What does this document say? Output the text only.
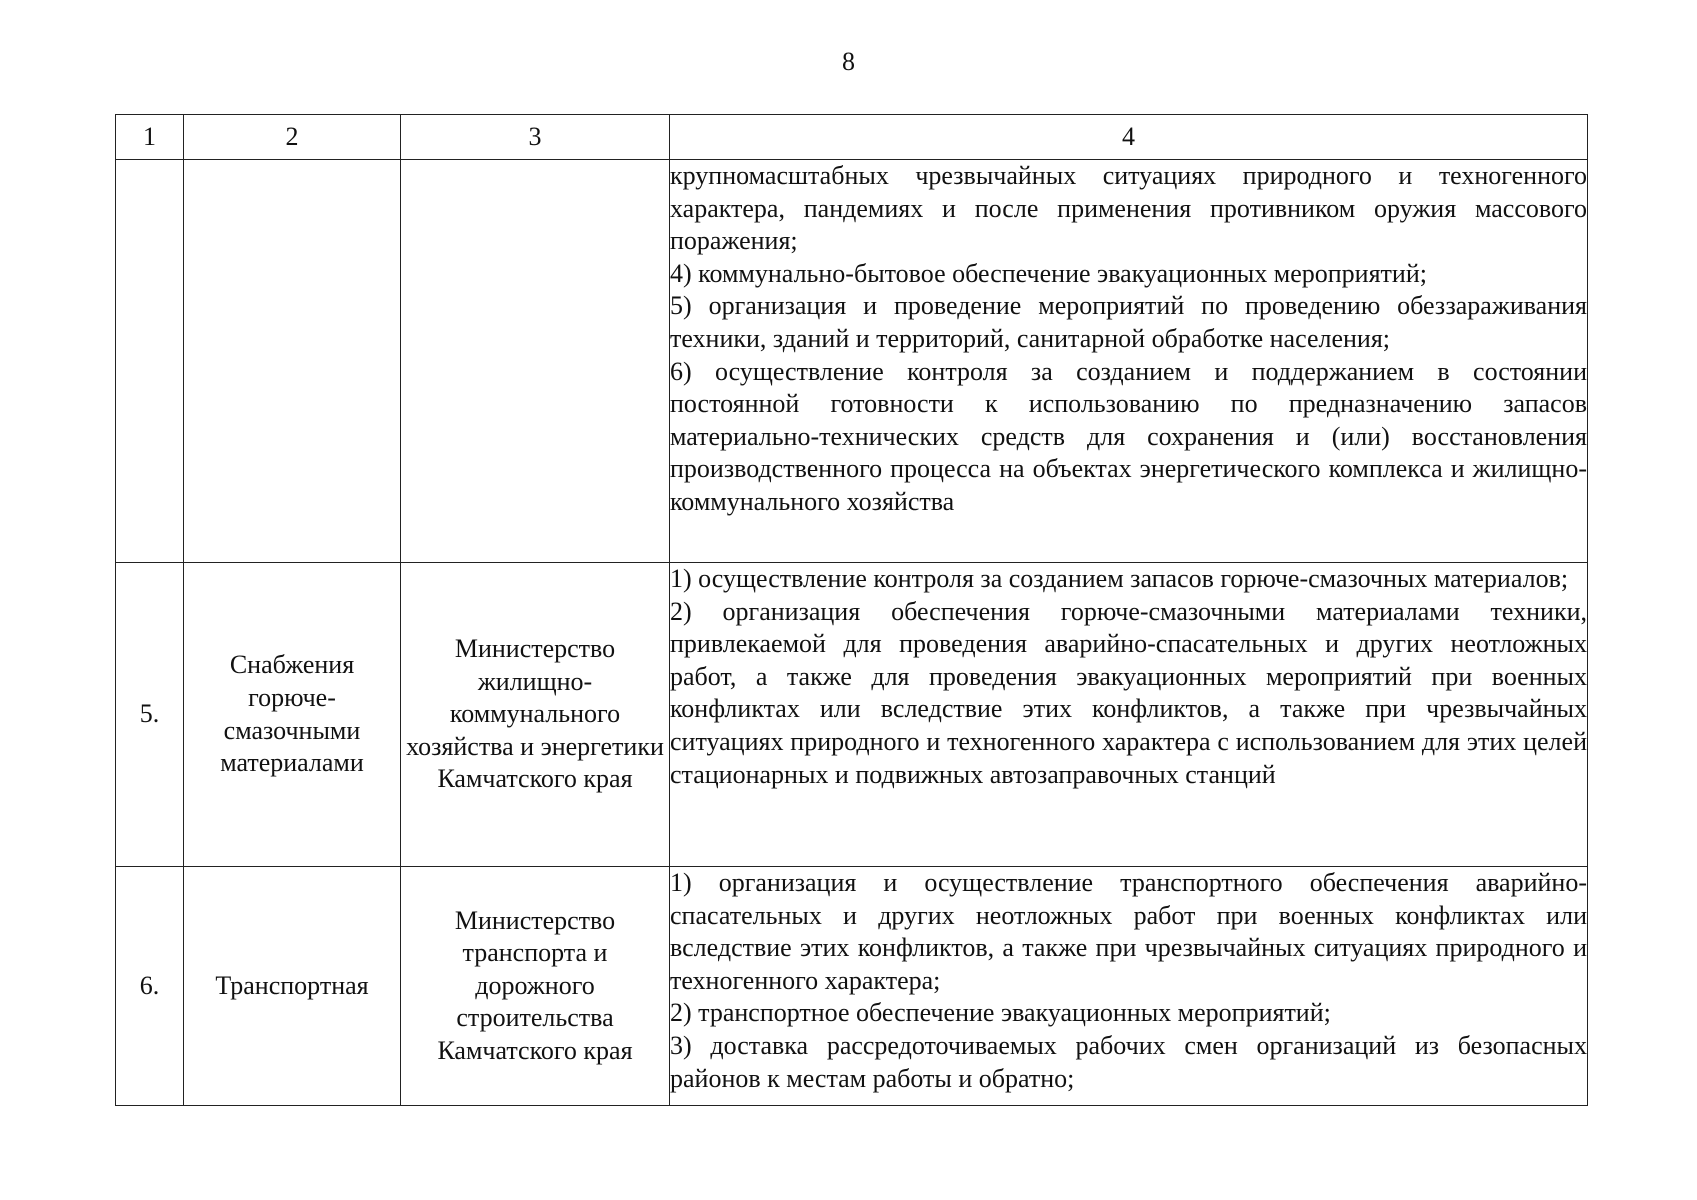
8
1	2	3	4

			крупномасштабных чрезвычайных ситуациях природного и техногенного характера, пандемиях и после применения противником оружия массового поражения;

4) коммунально-бытовое обеспечение эвакуационных мероприятий;

5) организация и проведение мероприятий по проведению обеззараживания техники, зданий и территорий, санитарной обработке населения;

6) осуществление контроля за созданием и поддержанием в состоянии постоянной готовности к использованию по предназначению запасов материально-технических средств для сохранения и (или) восстановления производственного процесса на объектах энергетического комплекса и жилищно-коммунального хозяйства

5.	Снабжения горюче-смазочными материалами	Министерство жилищно-коммунального хозяйства и энергетики Камчатского края	1) осуществление контроля за созданием запасов горюче-смазочных материалов;

2) организация обеспечения горюче-смазочными материалами техники, привлекаемой для проведения аварийно-спасательных и других неотложных работ, а также для проведения эвакуационных мероприятий при военных конфликтах или вследствие этих конфликтов, а также при чрезвычайных ситуациях природного и техногенного характера с использованием для этих целей стационарных и подвижных автозаправочных станций

6.	Транспортная	Министерство транспорта и дорожного строительства Камчатского края	1) организация и осуществление транспортного обеспечения аварийно-спасательных и других неотложных работ при военных конфликтах или вследствие этих конфликтов, а также при чрезвычайных ситуациях природного и техногенного характера;

2) транспортное обеспечение эвакуационных мероприятий;

3) доставка рассредоточиваемых рабочих смен организаций из безопасных районов к местам работы и обратно;
